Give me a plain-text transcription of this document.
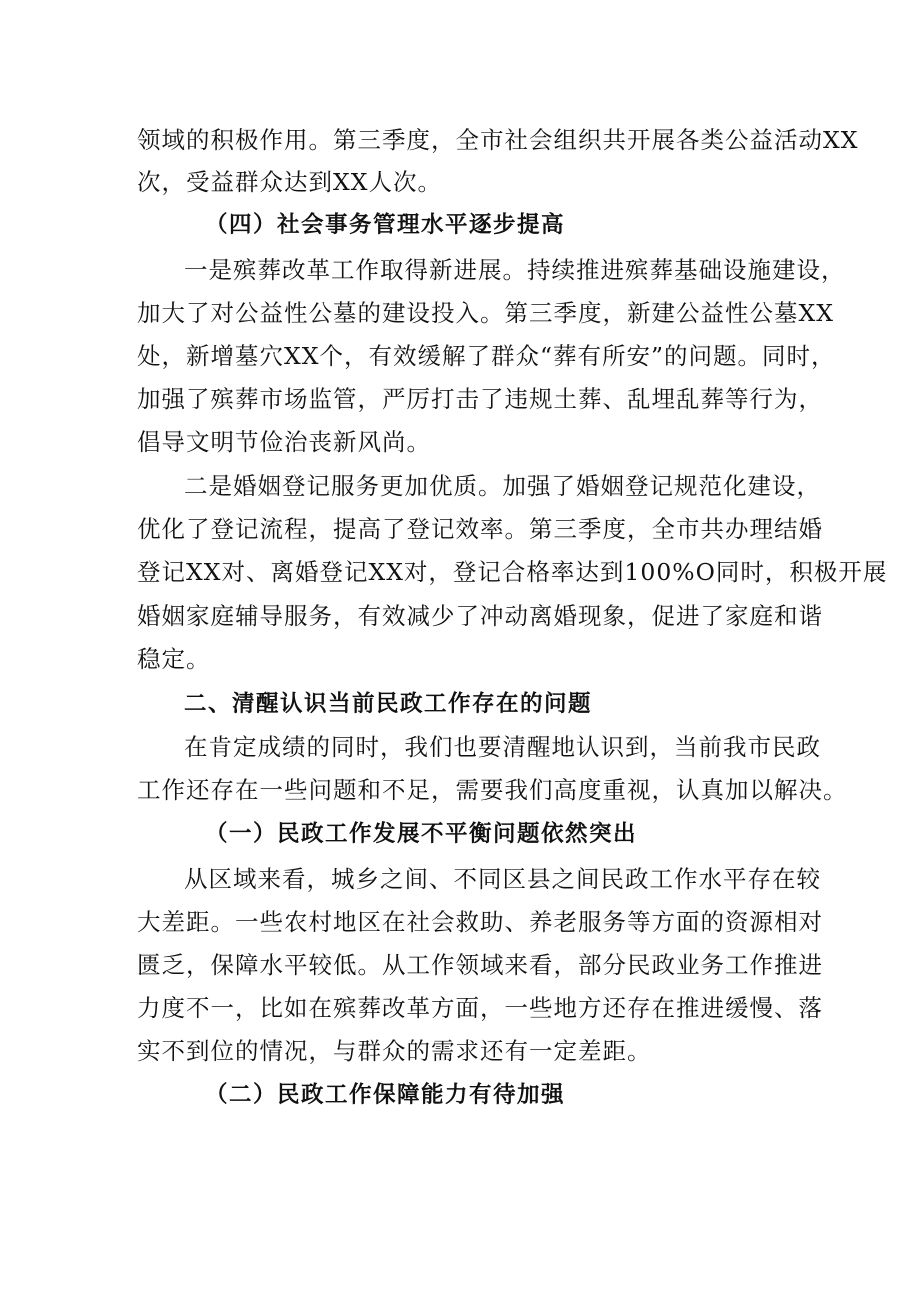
领域的积极作用。第三季度，全市社会组织共开展各类公益活动XX
次，受益群众达到XX人次。
（四）社会事务管理水平逐步提高
一是殡葬改革工作取得新进展。持续推进殡葬基础设施建设，
加大了对公益性公墓的建设投入。第三季度，新建公益性公墓XX
处，新增墓穴XX个，有效缓解了群众“葬有所安”的问题。同时，
加强了殡葬市场监管，严厉打击了违规土葬、乱埋乱葬等行为，
倡导文明节俭治丧新风尚。
二是婚姻登记服务更加优质。加强了婚姻登记规范化建设，
优化了登记流程，提高了登记效率。第三季度，全市共办理结婚
登记XX对、离婚登记XX对，登记合格率达到100%O同时，积极开展
婚姻家庭辅导服务，有效减少了冲动离婚现象，促进了家庭和谐
稳定。
二、清醒认识当前民政工作存在的问题
在肯定成绩的同时，我们也要清醒地认识到，当前我市民政
工作还存在一些问题和不足，需要我们高度重视，认真加以解决。
（一）民政工作发展不平衡问题依然突出
从区域来看，城乡之间、不同区县之间民政工作水平存在较
大差距。一些农村地区在社会救助、养老服务等方面的资源相对
匮乏，保障水平较低。从工作领域来看，部分民政业务工作推进
力度不一，比如在殡葬改革方面，一些地方还存在推进缓慢、落
实不到位的情况，与群众的需求还有一定差距。
（二）民政工作保障能力有待加强
